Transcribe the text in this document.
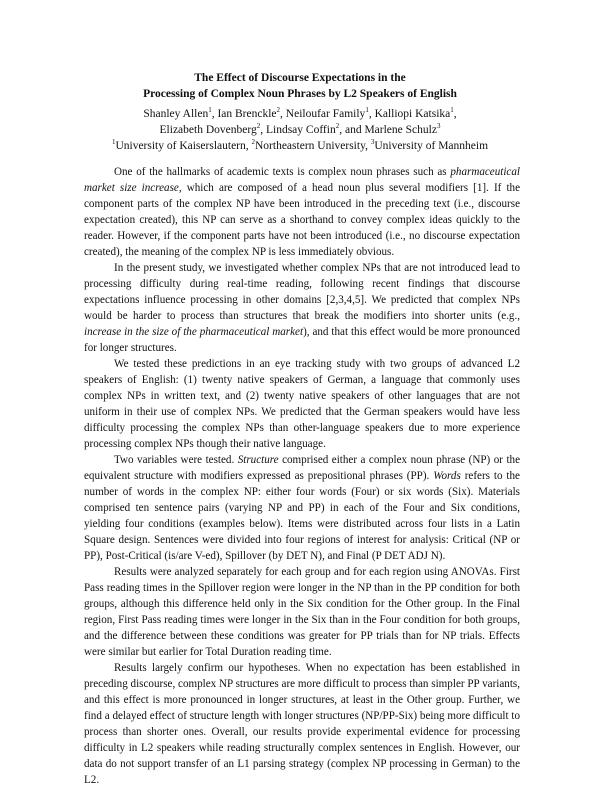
The Effect of Discourse Expectations in the
Processing of Complex Noun Phrases by L2 Speakers of English
Shanley Allen$^1$, Ian Brenckle$^2$, Neiloufar Family$^1$, Kalliopi Katsika$^1$,
Elizabeth Dovenberg$^2$, Lindsay Coffin$^2$, and Marlene Schulz$^3$
$^1$University of Kaiserslautern, $^2$Northeastern University, $^3$University of Mannheim

One of the hallmarks of academic texts is complex noun phrases such as pharmaceutical market size increase, which are composed of a head noun plus several modifiers [1]. If the component parts of the complex NP have been introduced in the preceding text (i.e., discourse expectation created), this NP can serve as a shorthand to convey complex ideas quickly to the reader. However, if the component parts have not been introduced (i.e., no discourse expectation created), the meaning of the complex NP is less immediately obvious.

In the present study, we investigated whether complex NPs that are not introduced lead to processing difficulty during real-time reading, following recent findings that discourse expectations influence processing in other domains [2,3,4,5]. We predicted that complex NPs would be harder to process than structures that break the modifiers into shorter units (e.g., increase in the size of the pharmaceutical market), and that this effect would be more pronounced for longer structures.

We tested these predictions in an eye tracking study with two groups of advanced L2 speakers of English: (1) twenty native speakers of German, a language that commonly uses complex NPs in written text, and (2) twenty native speakers of other languages that are not uniform in their use of complex NPs. We predicted that the German speakers would have less difficulty processing the complex NPs than other-language speakers due to more experience processing complex NPs though their native language.

Two variables were tested. Structure comprised either a complex noun phrase (NP) or the equivalent structure with modifiers expressed as prepositional phrases (PP). Words refers to the number of words in the complex NP: either four words (Four) or six words (Six). Materials comprised ten sentence pairs (varying NP and PP) in each of the Four and Six conditions, yielding four conditions (examples below). Items were distributed across four lists in a Latin Square design. Sentences were divided into four regions of interest for analysis: Critical (NP or PP), Post-Critical (is/are V-ed), Spillover (by DET N), and Final (P DET ADJ N).

Results were analyzed separately for each group and for each region using ANOVAs. First Pass reading times in the Spillover region were longer in the NP than in the PP condition for both groups, although this difference held only in the Six condition for the Other group. In the Final region, First Pass reading times were longer in the Six than in the Four condition for both groups, and the difference between these conditions was greater for PP trials than for NP trials. Effects were similar but earlier for Total Duration reading time.

Results largely confirm our hypotheses. When no expectation has been established in preceding discourse, complex NP structures are more difficult to process than simpler PP variants, and this effect is more pronounced in longer structures, at least in the Other group. Further, we find a delayed effect of structure length with longer structures (NP/PP-Six) being more difficult to process than shorter ones. Overall, our results provide experimental evidence for processing difficulty in L2 speakers while reading structurally complex sentences in English. However, our data do not support transfer of an L1 parsing strategy (complex NP processing in German) to the L2.
